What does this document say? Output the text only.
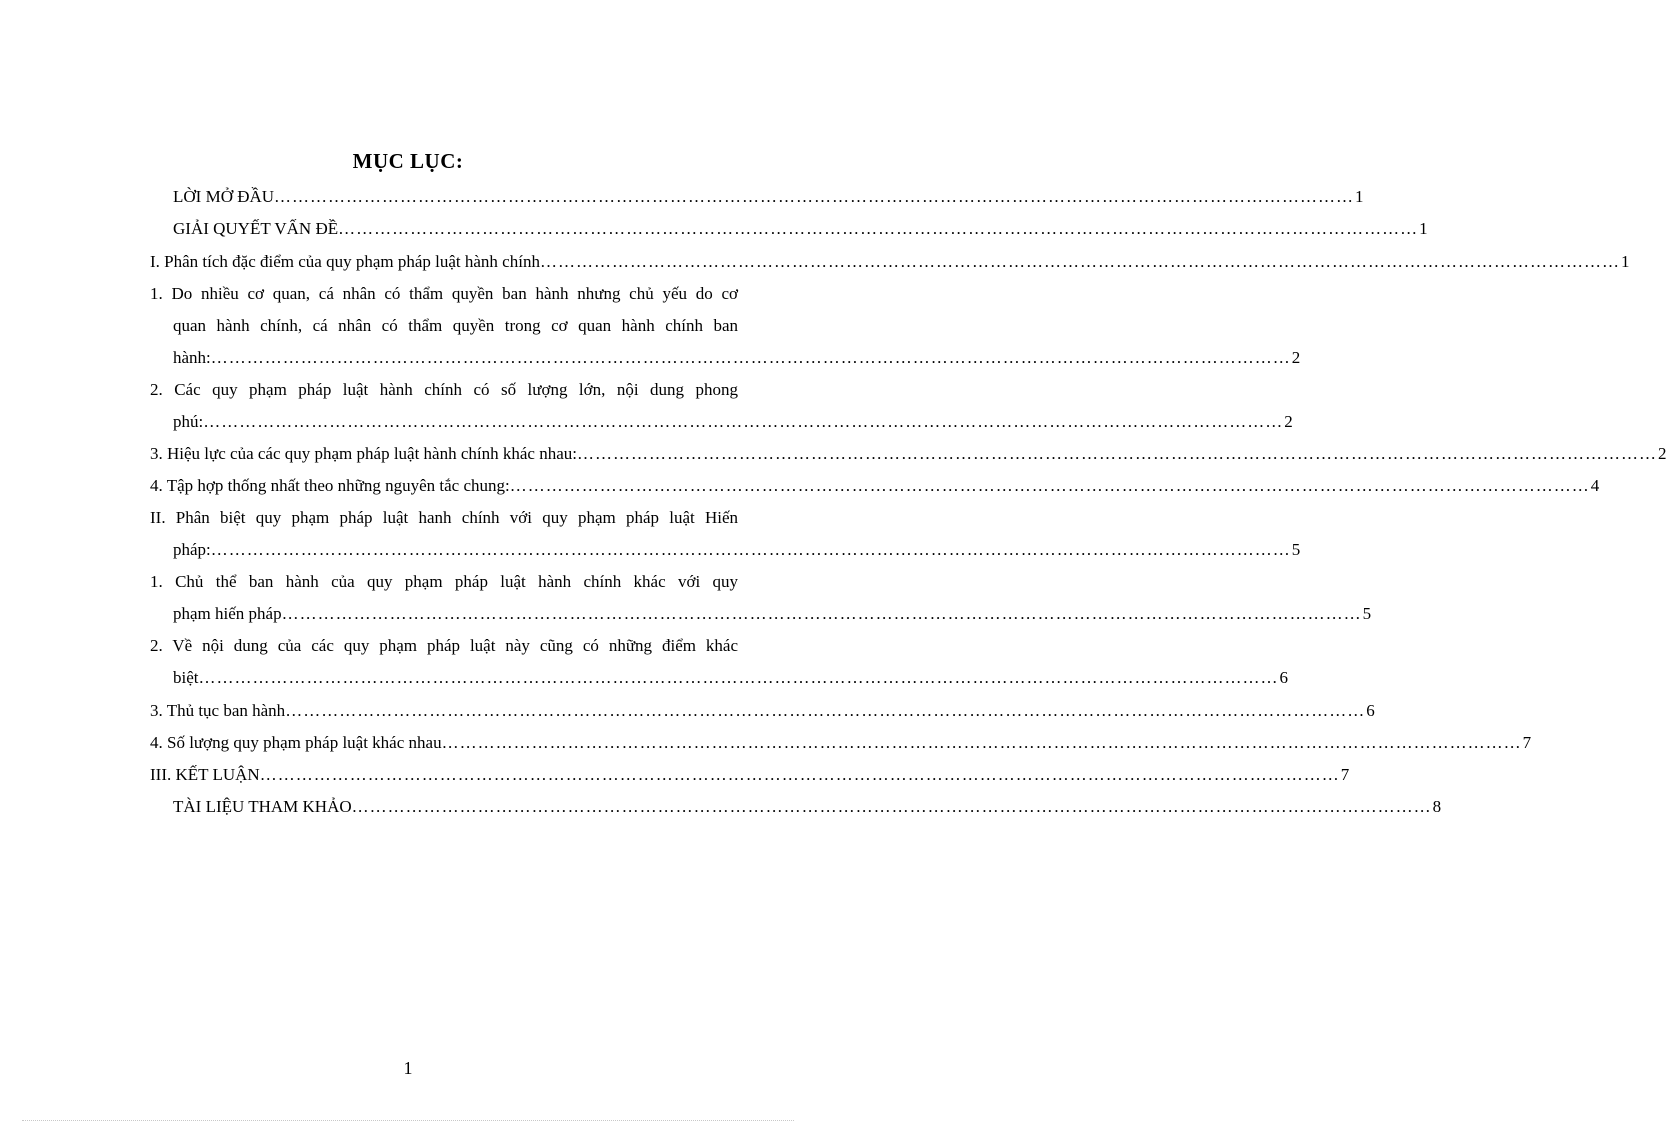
MỤC LỤC:
LỜI MỞ ĐẦU ……………………………………………………………………………………………………………………………………………………………… 1
GIẢI QUYẾT VẤN ĐỀ ……………………………………………………………………………………………………………………………………………………………… 1
I. Phân tích đặc điểm của quy phạm pháp luật hành chính ……………………………………………………………………………………………………………………………………………………………… 1
1. Do nhiều cơ quan, cá nhân có thẩm quyền ban hành nhưng chủ yếu do cơ
quan hành chính, cá nhân có thẩm quyền trong cơ quan hành chính ban
hành: ……………………………………………………………………………………………………………………………………………………………… 2
2. Các quy phạm pháp luật hành chính có số lượng lớn, nội dung phong
phú: ……………………………………………………………………………………………………………………………………………………………… 2
3. Hiệu lực của các quy phạm pháp luật hành chính khác nhau: ……………………………………………………………………………………………………………………………………………………………… 2
4. Tập hợp thống nhất theo những nguyên tắc chung: ……………………………………………………………………………………………………………………………………………………………… 4
II. Phân biệt quy phạm pháp luật hanh chính với quy phạm pháp luật Hiến
pháp: ……………………………………………………………………………………………………………………………………………………………… 5
1. Chủ thể ban hành của quy phạm pháp luật hành chính khác với quy
phạm hiến pháp ……………………………………………………………………………………………………………………………………………………………… 5
2. Về nội dung của các quy phạm pháp luật này cũng có những điểm khác
biệt ……………………………………………………………………………………………………………………………………………………………… 6
3. Thủ tục ban hành ……………………………………………………………………………………………………………………………………………………………… 6
4. Số lượng quy phạm pháp luật khác nhau ……………………………………………………………………………………………………………………………………………………………… 7
III. KẾT LUẬN ……………………………………………………………………………………………………………………………………………………………… 7
TÀI LIỆU THAM KHẢO ……………………………………………………………………………………………………………………………………………………………… 8

1
